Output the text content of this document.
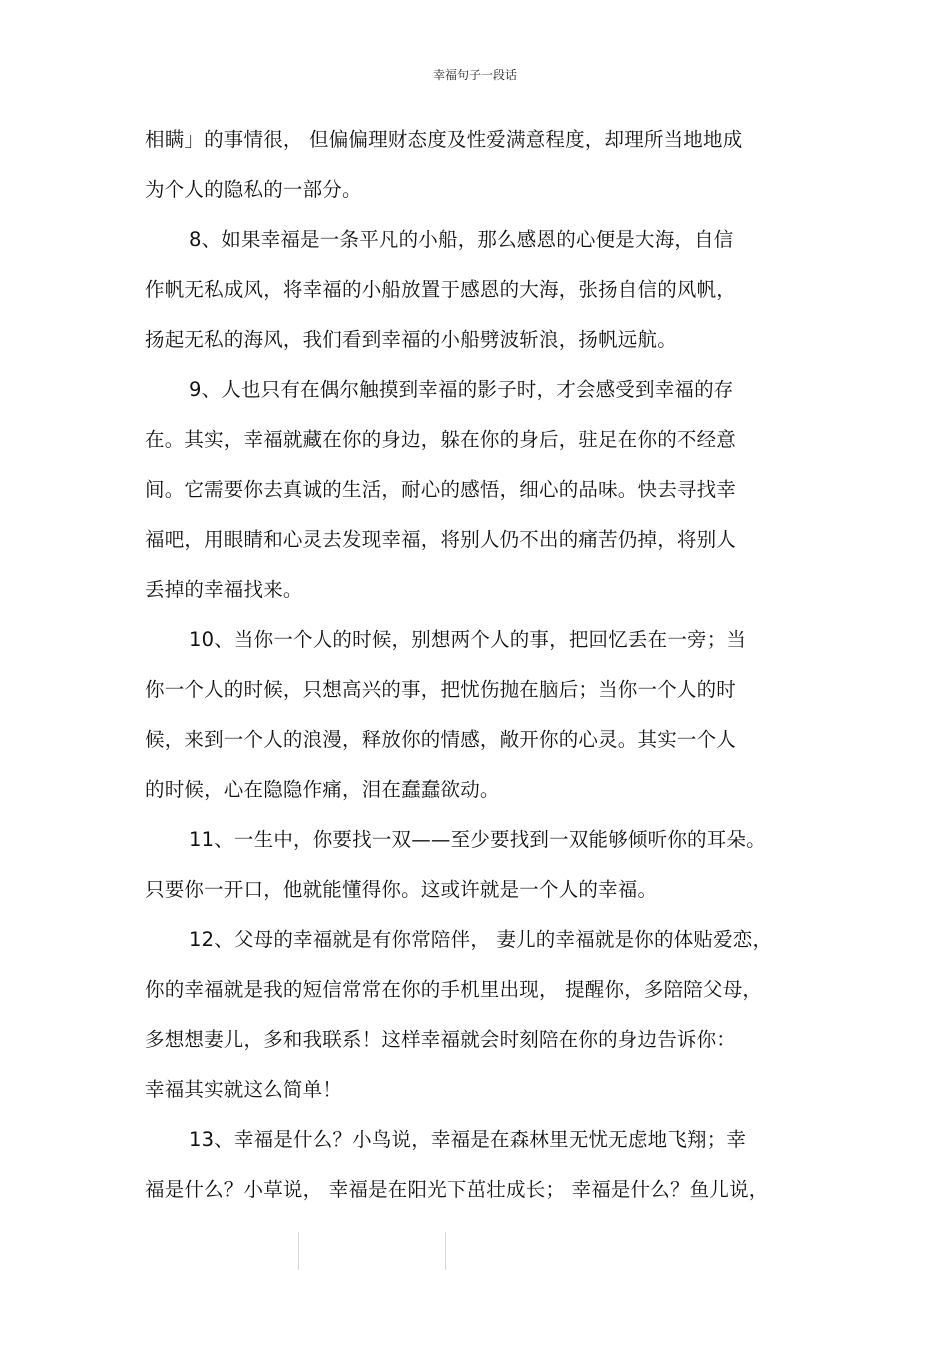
幸福句子一段话
相瞒」的事情很， 但偏偏理财态度及性爱满意程度，却理所当地地成
为个人的隐私的一部分。
8、如果幸福是一条平凡的小船，那么感恩的心便是大海，自信
作帆无私成风，将幸福的小船放置于感恩的大海，张扬自信的风帆，
扬起无私的海风，我们看到幸福的小船劈波斩浪，扬帆远航。
9、人也只有在偶尔触摸到幸福的影子时，才会感受到幸福的存
在。其实，幸福就藏在你的身边，躲在你的身后，驻足在你的不经意
间。它需要你去真诚的生活，耐心的感悟，细心的品味。快去寻找幸
福吧，用眼睛和心灵去发现幸福，将别人仍不出的痛苦仍掉，将别人
丢掉的幸福找来。
10、当你一个人的时候，别想两个人的事，把回忆丢在一旁；当
你一个人的时候，只想高兴的事，把忧伤抛在脑后；当你一个人的时
候，来到一个人的浪漫，释放你的情感，敞开你的心灵。其实一个人
的时候，心在隐隐作痛，泪在蠢蠢欲动。
11、一生中，你要找一双——至少要找到一双能够倾听你的耳朵。
只要你一开口，他就能懂得你。这或许就是一个人的幸福。
12、父母的幸福就是有你常陪伴， 妻儿的幸福就是你的体贴爱恋，
你的幸福就是我的短信常常在你的手机里出现， 提醒你，多陪陪父母，
多想想妻儿，多和我联系！这样幸福就会时刻陪在你的身边告诉你：
幸福其实就这么简单！
13、幸福是什么？小鸟说，幸福是在森林里无忧无虑地飞翔；幸
福是什么？小草说， 幸福是在阳光下茁壮成长； 幸福是什么？鱼儿说，
